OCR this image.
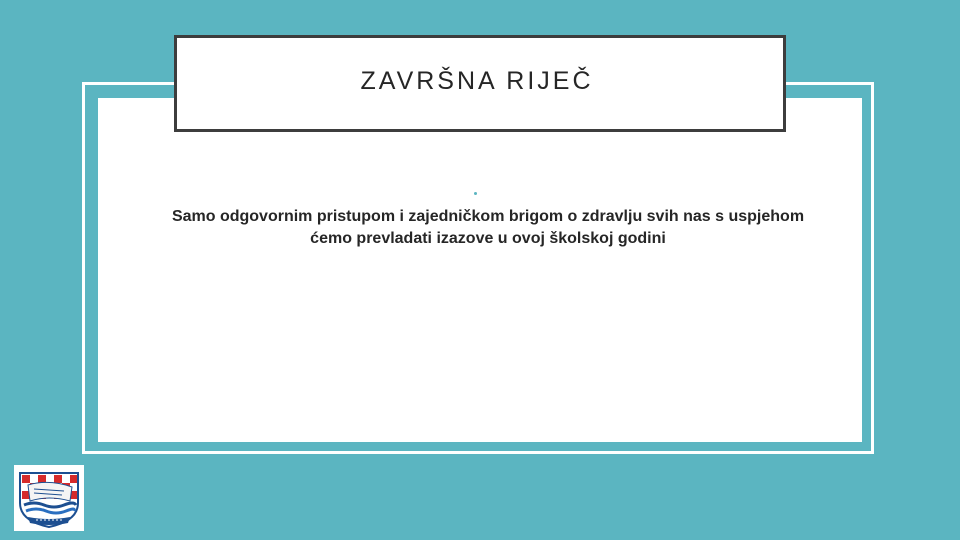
ZAVRŠNA RIJEČ
Samo odgovornim pristupom i zajedničkom brigom o zdravlju svih nas s uspjehom ćemo prevladati izazove u ovoj školskoj godini
